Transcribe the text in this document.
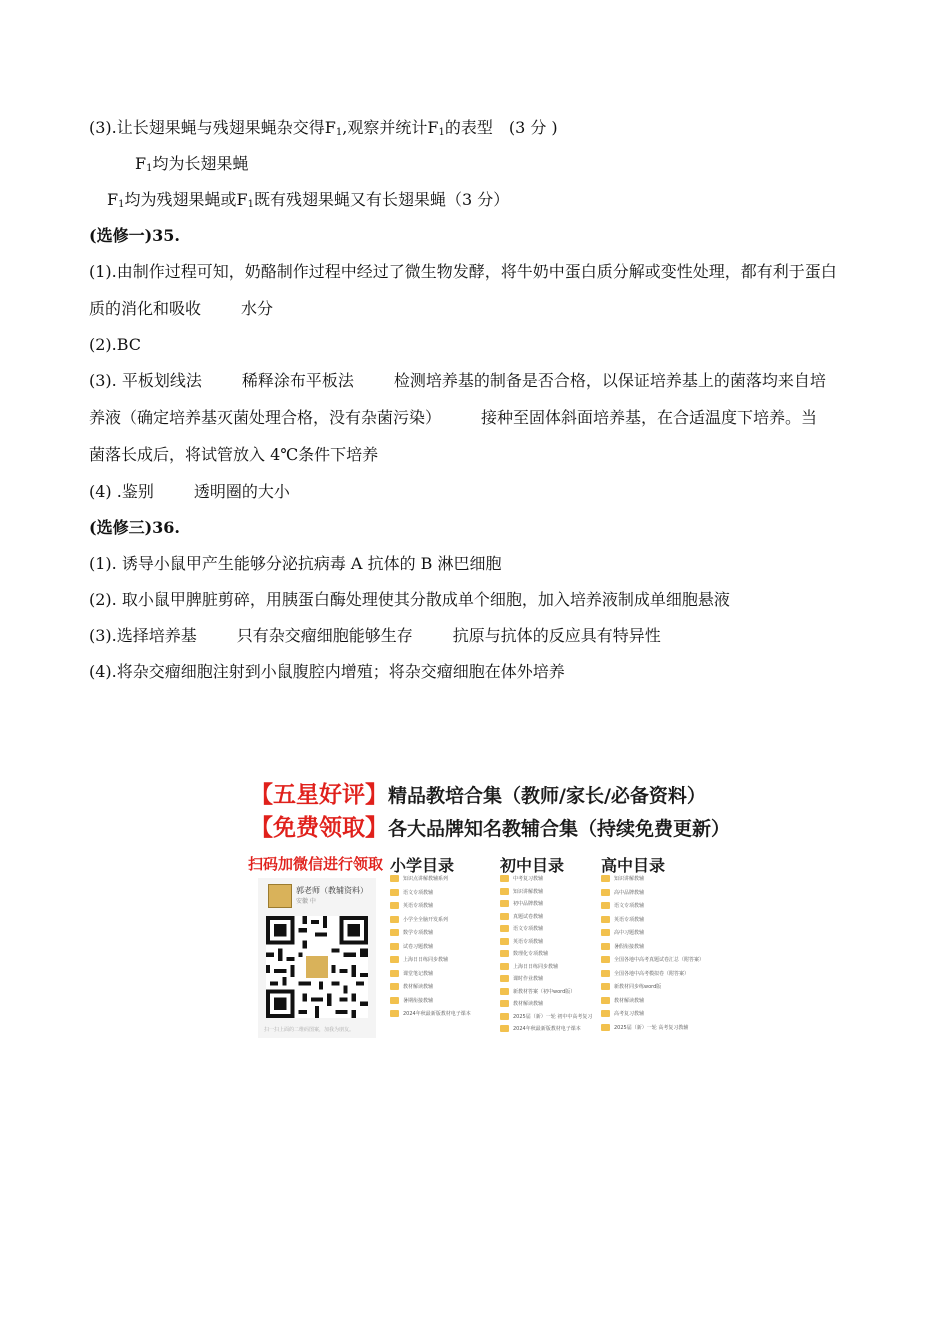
(3).让长翅果蝇与残翅果蝇杂交得$F_1$,观察并统计$F_1$的表型　(3 分 )
$F_1$均为长翅果蝇
$F_1$均为残翅果蝇或$F_1$既有残翅果蝇又有长翅果蝇（3 分）
(选修一)35.
(1).由制作过程可知，奶酪制作过程中经过了微生物发酵，将牛奶中蛋白质分解或变性处理，都有利于蛋白
质的消化和吸收	水分
(2).BC
(3). 平板划线法	稀释涂布平板法	检测培养基的制备是否合格，以保证培养基上的菌落均来自培
养液（确定培养基灭菌处理合格，没有杂菌污染）	接种至固体斜面培养基，在合适温度下培养。当
菌落长成后，将试管放入 4℃条件下培养
(4) .鉴别	透明圈的大小
(选修三)36.
(1). 诱导小鼠甲产生能够分泌抗病毒 A 抗体的 B 淋巴细胞
(2). 取小鼠甲脾脏剪碎，用胰蛋白酶处理使其分散成单个细胞，加入培养液制成单细胞悬液
(3).选择培养基	只有杂交瘤细胞能够生存	抗原与抗体的反应具有特异性
(4).将杂交瘤细胞注射到小鼠腹腔内增殖；将杂交瘤细胞在体外培养
【五星好评】精品教培合集（教师/家长/必备资料）
【免费领取】各大品牌知名教辅合集（持续免费更新）
扫码加微信进行领取
郭老师（教辅资料）
安徽 中
扫一扫上面的二维码图案，加我为朋友。
小学目录
知识点讲解教辅系列
语文专项教辅
英语专项教辅
小学全全脑开发系列
数学专项教辅
试卷习题教辅
上海日日练同步教辅
课堂笔记教辅
教材解读教辅
暑期衔接教辅
2024年秋最新版教材电子课本
初中目录
中考复习教辅
知识讲解教辅
初中品牌教辅
真题试卷教辅
语文专项教辅
英语专项教辅
数理化专项教辅
上海日日练同步教辅
课时作业教辅
新教材答案（初中word版）
教材解读教辅
2025届（新）一轮 初中中高考复习
2024年秋最新版教材电子课本
高中目录
知识讲解教辅
高中品牌教辅
语文专项教辅
英语专项教辅
高中习题教辅
暑假衔接教辅
全国各地中高考真题试卷汇总（附答案）
全国各地中高考模拟卷（附答案）
新教材同步练word版
教材解读教辅
高考复习教辅
2025届（新）一轮 高考复习教辅
